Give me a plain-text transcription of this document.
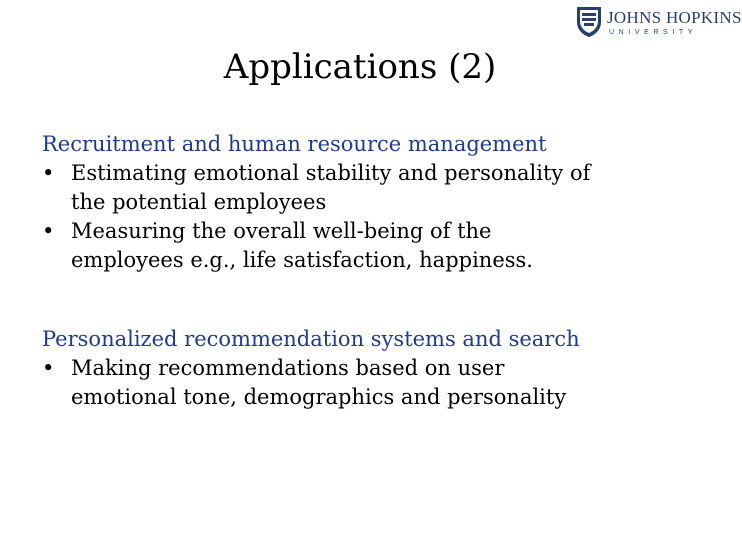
JOHNS HOPKINS
UNIVERSITY
Applications (2)
Recruitment and human resource management
• Estimating emotional stability and personality of
the potential employees
• Measuring the overall well-being of the
employees e.g., life satisfaction, happiness.
Personalized recommendation systems and search
• Making recommendations based on user
emotional tone, demographics and personality
